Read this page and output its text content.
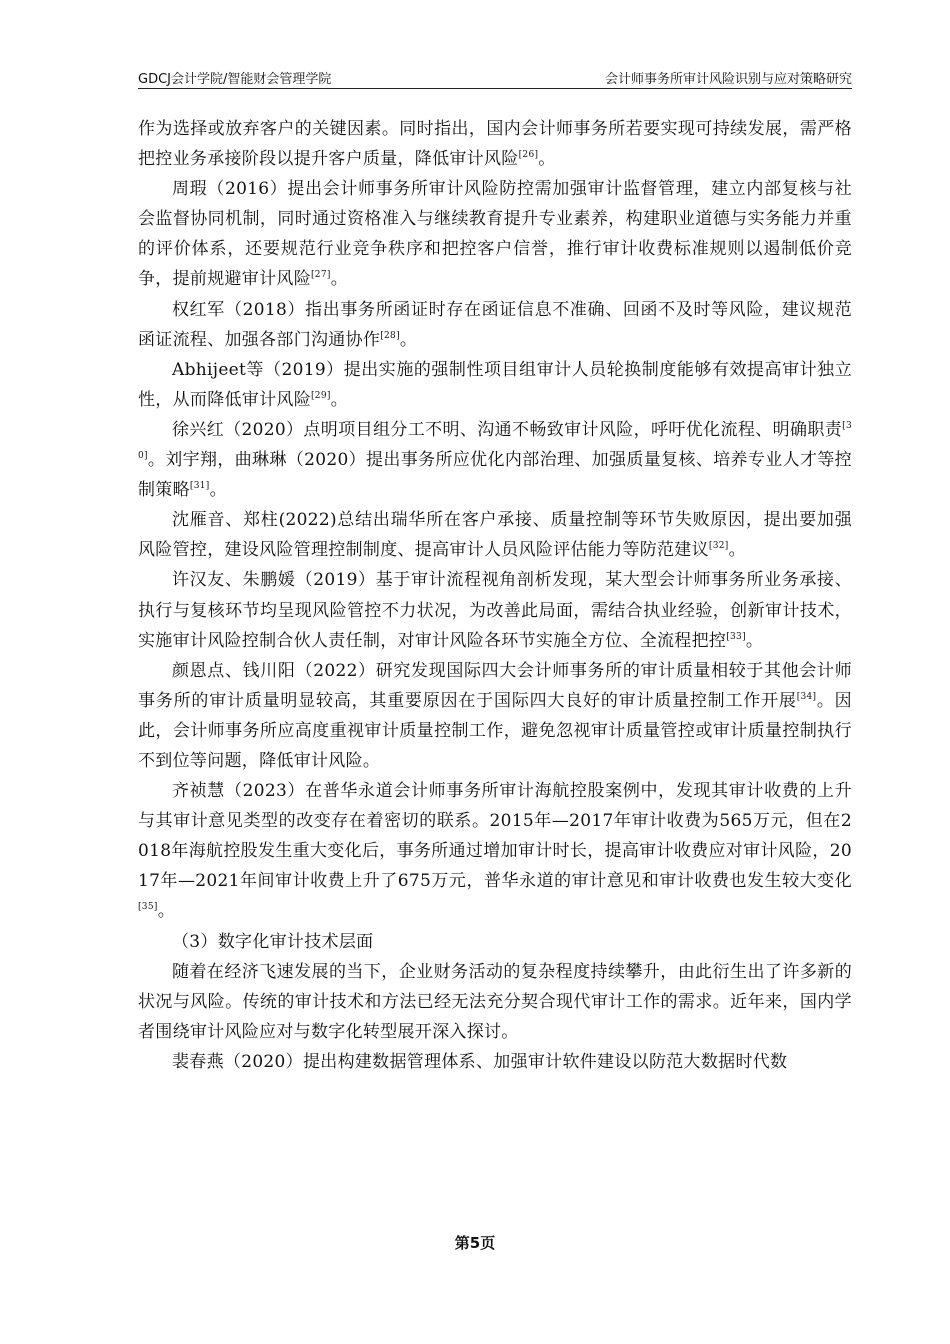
GDCJ会计学院/智能财会管理学院	会计师事务所审计风险识别与应对策略研究

作为选择或放弃客户的关键因素。同时指出，国内会计师事务所若要实现可持续发展，需严格把控业务承接阶段以提升客户质量，降低审计风险[26]。

周瑕（2016）提出会计师事务所审计风险防控需加强审计监督管理，建立内部复核与社会监督协同机制，同时通过资格准入与继续教育提升专业素养，构建职业道德与实务能力并重的评价体系，还要规范行业竞争秩序和把控客户信誉，推行审计收费标准规则以遏制低价竞争，提前规避审计风险[27]。

权红军（2018）指出事务所函证时存在函证信息不准确、回函不及时等风险，建议规范函证流程、加强各部门沟通协作[28]。

Abhijeet等（2019）提出实施的强制性项目组审计人员轮换制度能够有效提高审计独立性，从而降低审计风险[29]。

徐兴红（2020）点明项目组分工不明、沟通不畅致审计风险，呼吁优化流程、明确职责[30]。刘宇翔，曲琳琳（2020）提出事务所应优化内部治理、加强质量复核、培养专业人才等控制策略[31]。

沈雁音、郑柱(2022)总结出瑞华所在客户承接、质量控制等环节失败原因，提出要加强风险管控，建设风险管理控制制度、提高审计人员风险评估能力等防范建议[32]。

许汉友、朱鹏媛（2019）基于审计流程视角剖析发现，某大型会计师事务所业务承接、执行与复核环节均呈现风险管控不力状况，为改善此局面，需结合执业经验，创新审计技术，实施审计风险控制合伙人责任制，对审计风险各环节实施全方位、全流程把控[33]。

颜恩点、钱川阳（2022）研究发现国际四大会计师事务所的审计质量相较于其他会计师事务所的审计质量明显较高，其重要原因在于国际四大良好的审计质量控制工作开展[34]。因此，会计师事务所应高度重视审计质量控制工作，避免忽视审计质量管控或审计质量控制执行不到位等问题，降低审计风险。

齐祯慧（2023）在普华永道会计师事务所审计海航控股案例中，发现其审计收费的上升与其审计意见类型的改变存在着密切的联系。2015年—2017年审计收费为565万元，但在2018年海航控股发生重大变化后，事务所通过增加审计时长，提高审计收费应对审计风险，2017年—2021年间审计收费上升了675万元，普华永道的审计意见和审计收费也发生较大变化[35]。

（3）数字化审计技术层面

随着在经济飞速发展的当下，企业财务活动的复杂程度持续攀升，由此衍生出了许多新的状况与风险。传统的审计技术和方法已经无法充分契合现代审计工作的需求。近年来，国内学者围绕审计风险应对与数字化转型展开深入探讨。

裴春燕（2020）提出构建数据管理体系、加强审计软件建设以防范大数据时代数

第5页
